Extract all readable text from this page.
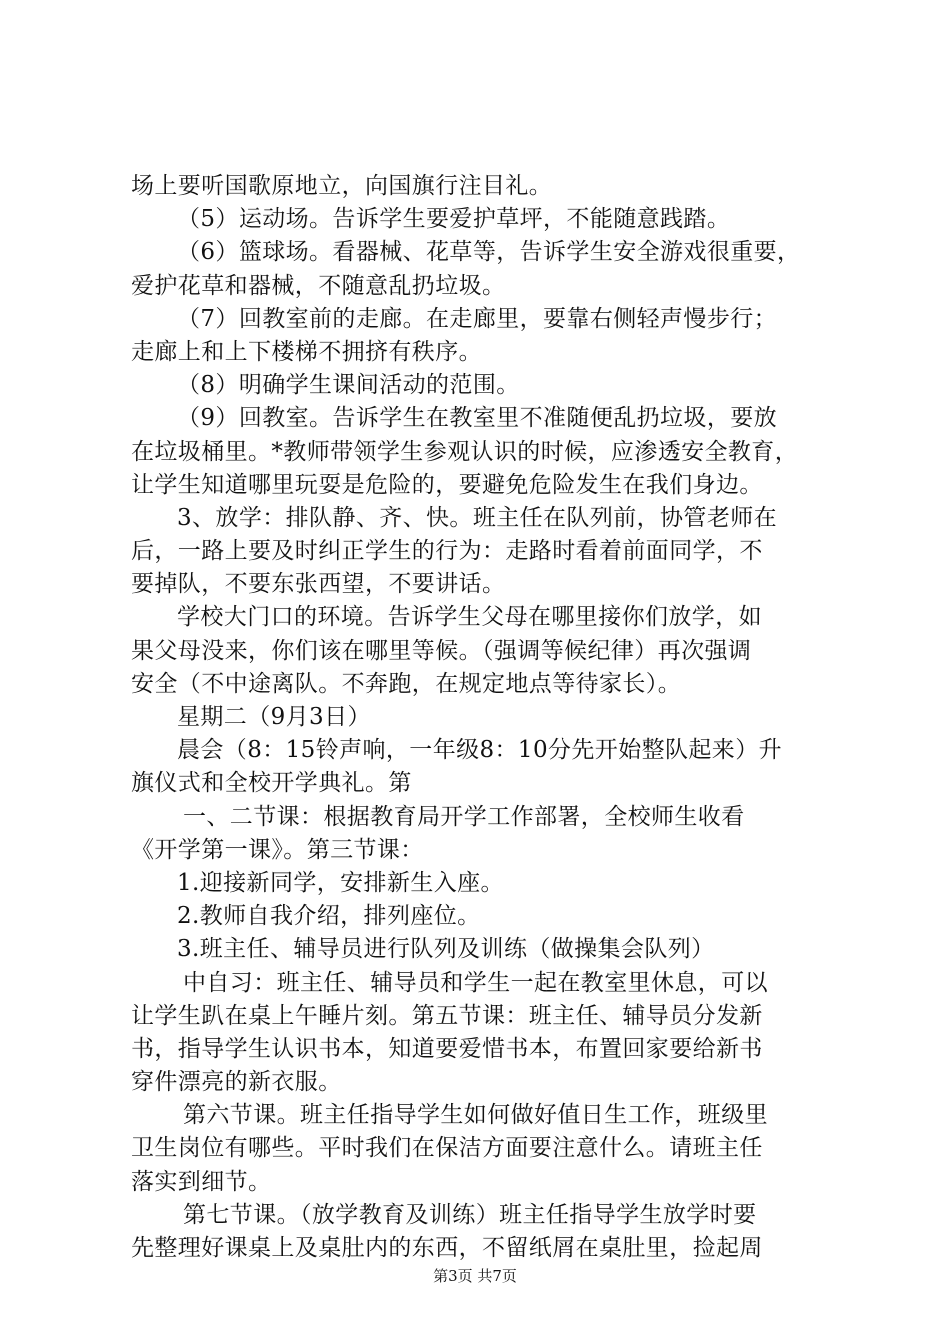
场上要听国歌原地立，向国旗行注目礼。
（5）运动场。告诉学生要爱护草坪，不能随意践踏。
（6）篮球场。看器械、花草等，告诉学生安全游戏很重要，
爱护花草和器械，不随意乱扔垃圾。
（7）回教室前的走廊。在走廊里，要靠右侧轻声慢步行；
走廊上和上下楼梯不拥挤有秩序。
（8）明确学生课间活动的范围。
（9）回教室。告诉学生在教室里不准随便乱扔垃圾，要放
在垃圾桶里。*教师带领学生参观认识的时候，应渗透安全教育，
让学生知道哪里玩耍是危险的，要避免危险发生在我们身边。
3、放学：排队静、齐、快。班主任在队列前，协管老师在
后，一路上要及时纠正学生的行为：走路时看着前面同学，不
要掉队，不要东张西望，不要讲话。
学校大门口的环境。告诉学生父母在哪里接你们放学，如
果父母没来，你们该在哪里等候。（强调等候纪律）再次强调
安全（不中途离队。不奔跑，在规定地点等待家长）。
星期二（9月3日）
晨会（8：15铃声响，一年级8：10分先开始整队起来）升
旗仪式和全校开学典礼。第
一、二节课：根据教育局开学工作部署，全校师生收看
《开学第一课》。第三节课：
1.迎接新同学，安排新生入座。
2.教师自我介绍，排列座位。
3.班主任、辅导员进行队列及训练（做操集会队列）
中自习：班主任、辅导员和学生一起在教室里休息，可以
让学生趴在桌上午睡片刻。第五节课：班主任、辅导员分发新
书，指导学生认识书本，知道要爱惜书本，布置回家要给新书
穿件漂亮的新衣服。
第六节课。班主任指导学生如何做好值日生工作，班级里
卫生岗位有哪些。平时我们在保洁方面要注意什么。请班主任
落实到细节。
第七节课。（放学教育及训练）班主任指导学生放学时要
先整理好课桌上及桌肚内的东西，不留纸屑在桌肚里，捡起周
第3页 共7页
